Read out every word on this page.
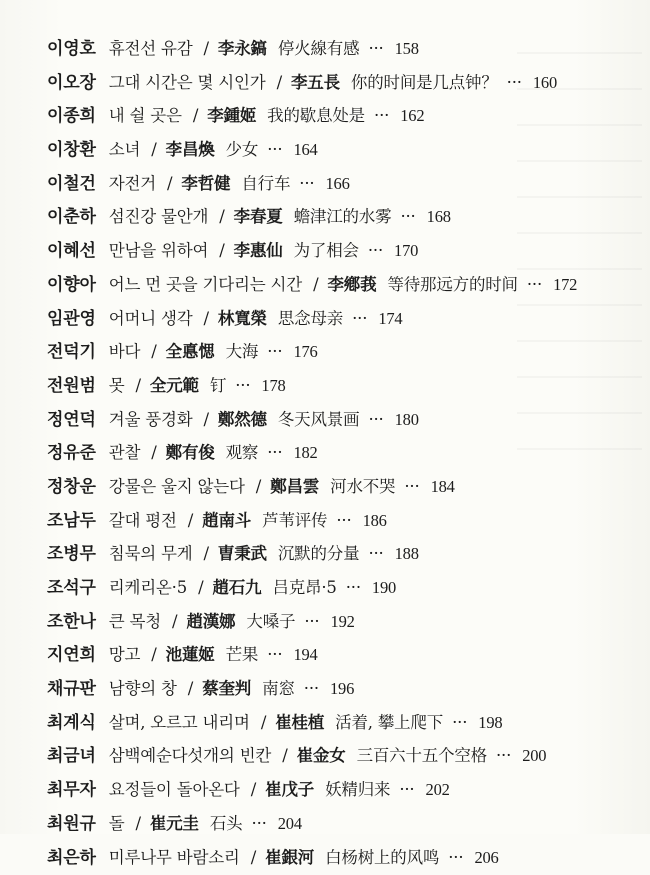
이영호 휴전선 유감 / 李永鎬 停火線有感 ··· 158
이오장 그대 시간은 몇 시인가 / 李五長 你的时间是几点钟？ ··· 160
이종희 내 쉴 곳은 / 李鍾姬 我的歇息处是 ··· 162
이창환 소녀 / 李昌煥 少女 ··· 164
이철건 자전거 / 李哲健 自行车 ··· 166
이춘하 섬진강 물안개 / 李春夏 蟾津江的水雾 ··· 168
이혜선 만남을 위하여 / 李惠仙 为了相会 ··· 170
이향아 어느 먼 곳을 기다리는 시간 / 李鄕莪 等待那远方的时间 ··· 172
임관영 어머니 생각 / 林寬榮 思念母亲 ··· 174
전덕기 바다 / 全悳愢 大海 ··· 176
전원범 못 / 全元範 钉 ··· 178
정연덕 겨울 풍경화 / 鄭然德 冬天风景画 ··· 180
정유준 관찰 / 鄭有俊 观察 ··· 182
정창운 강물은 울지 않는다 / 鄭昌雲 河水不哭 ··· 184
조남두 갈대 평전 / 趙南斗 芦苇评传 ··· 186
조병무 침묵의 무게 / 曺秉武 沉默的分量 ··· 188
조석구 리케리온·5 / 趙石九 吕克昂·5 ··· 190
조한나 큰 목청 / 趙漢娜 大嗓子 ··· 192
지연희 망고 / 池蓮姬 芒果 ··· 194
채규판 남향의 창 / 蔡奎判 南窓 ··· 196
최계식 살며, 오르고 내리며 / 崔桂植 活着, 攀上爬下 ··· 198
최금녀 삼백예순다섯개의 빈칸 / 崔金女 三百六十五个空格 ··· 200
최무자 요정들이 돌아온다 / 崔戊子 妖精归来 ··· 202
최원규 돌 / 崔元圭 石头 ··· 204
최은하 미루나무 바람소리 / 崔銀河 白杨树上的风鸣 ··· 206
